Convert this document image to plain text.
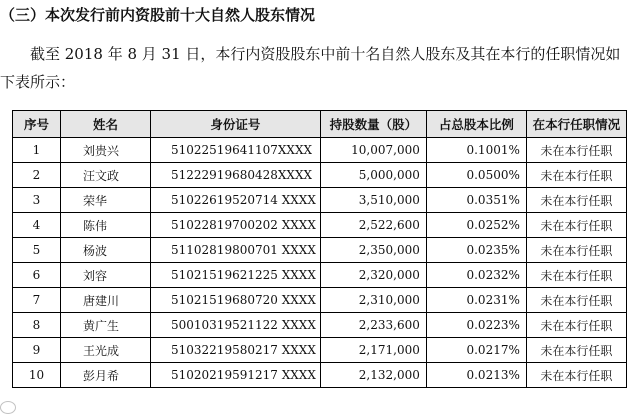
（三）本次发行前内资股前十大自然人股东情况
截至 2018 年 8 月 31 日，本行内资股股东中前十名自然人股东及其在本行的任职情况如下表所示：
序号	姓名	身份证号	持股数量（股）	占总股本比例	在本行任职情况
1	刘贵兴	51022519641107XXXX	10,007,000	0.1001%	未在本行任职
2	汪文政	51222919680428XXXX	5,000,000	0.0500%	未在本行任职
3	荣华	51022619520714 XXXX	3,510,000	0.0351%	未在本行任职
4	陈伟	51022819700202 XXXX	2,522,600	0.0252%	未在本行任职
5	杨波	51102819800701 XXXX	2,350,000	0.0235%	未在本行任职
6	刘容	51021519621225 XXXX	2,320,000	0.0232%	未在本行任职
7	唐建川	51021519680720 XXXX	2,310,000	0.0231%	未在本行任职
8	黄广生	50010319521122 XXXX	2,233,600	0.0223%	未在本行任职
9	王光成	51032219580217 XXXX	2,171,000	0.0217%	未在本行任职
10	彭月希	51020219591217 XXXX	2,132,000	0.0213%	未在本行任职
